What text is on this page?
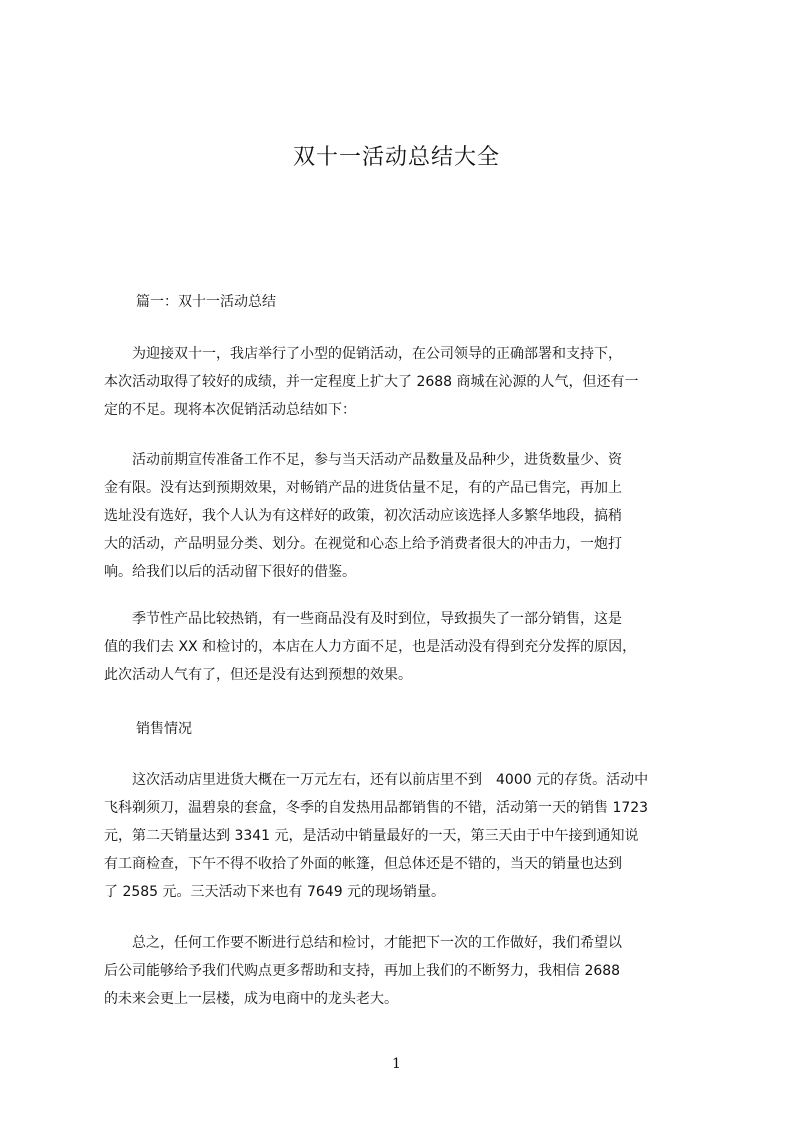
双十一活动总结大全
篇一：双十一活动总结
　　为迎接双十一，我店举行了小型的促销活动，在公司领导的正确部署和支持下，
本次活动取得了较好的成绩，并一定程度上扩大了 2688 商城在沁源的人气，但还有一
定的不足。现将本次促销活动总结如下：
　　活动前期宣传准备工作不足，参与当天活动产品数量及品种少，进货数量少、资
金有限。没有达到预期效果，对畅销产品的进货估量不足，有的产品已售完，再加上
选址没有选好，我个人认为有这样好的政策，初次活动应该选择人多繁华地段，搞稍
大的活动，产品明显分类、划分。在视觉和心态上给予消费者很大的冲击力，一炮打
响。给我们以后的活动留下很好的借鉴。
　　季节性产品比较热销，有一些商品没有及时到位，导致损失了一部分销售，这是
值的我们去 XX 和检讨的，本店在人力方面不足，也是活动没有得到充分发挥的原因，
此次活动人气有了，但还是没有达到预想的效果。
销售情况
　　这次活动店里进货大概在一万元左右，还有以前店里不到　4000 元的存货。活动中
飞科剃须刀，温碧泉的套盒，冬季的自发热用品都销售的不错，活动第一天的销售 1723
元，第二天销量达到 3341 元，是活动中销量最好的一天，第三天由于中午接到通知说
有工商检查，下午不得不收拾了外面的帐篷，但总体还是不错的，当天的销量也达到
了 2585 元。三天活动下来也有 7649 元的现场销量。
　　总之，任何工作要不断进行总结和检讨，才能把下一次的工作做好，我们希望以
后公司能够给予我们代购点更多帮助和支持，再加上我们的不断努力，我相信 2688
的未来会更上一层楼，成为电商中的龙头老大。
1
